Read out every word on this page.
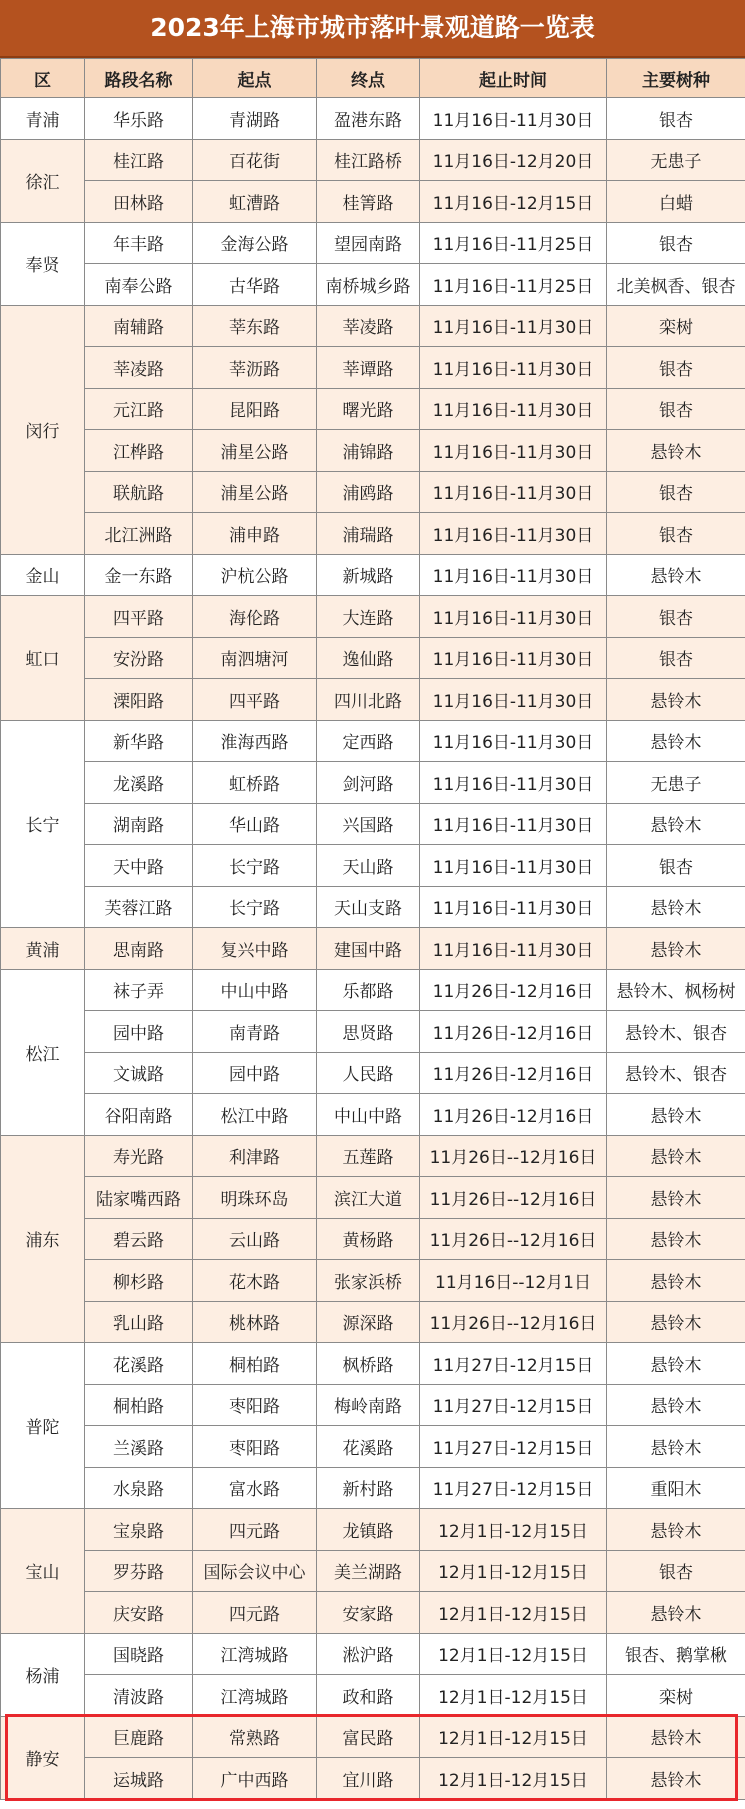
2023年上海市城市落叶景观道路一览表
区	路段名称	起点	终点	起止时间	主要树种
青浦	华乐路	青湖路	盈港东路	11月16日-11月30日	银杏
徐汇	桂江路	百花街	桂江路桥	11月16日-12月20日	无患子
	田林路	虹漕路	桂箐路	11月16日-12月15日	白蜡
奉贤	年丰路	金海公路	望园南路	11月16日-11月25日	银杏
	南奉公路	古华路	南桥城乡路	11月16日-11月25日	北美枫香、银杏
闵行	南辅路	莘东路	莘凌路	11月16日-11月30日	栾树
	莘凌路	莘沥路	莘谭路	11月16日-11月30日	银杏
	元江路	昆阳路	曙光路	11月16日-11月30日	银杏
	江桦路	浦星公路	浦锦路	11月16日-11月30日	悬铃木
	联航路	浦星公路	浦鸥路	11月16日-11月30日	银杏
	北江洲路	浦申路	浦瑞路	11月16日-11月30日	银杏
金山	金一东路	沪杭公路	新城路	11月16日-11月30日	悬铃木
虹口	四平路	海伦路	大连路	11月16日-11月30日	银杏
	安汾路	南泗塘河	逸仙路	11月16日-11月30日	银杏
	溧阳路	四平路	四川北路	11月16日-11月30日	悬铃木
长宁	新华路	淮海西路	定西路	11月16日-11月30日	悬铃木
	龙溪路	虹桥路	剑河路	11月16日-11月30日	无患子
	湖南路	华山路	兴国路	11月16日-11月30日	悬铃木
	天中路	长宁路	天山路	11月16日-11月30日	银杏
	芙蓉江路	长宁路	天山支路	11月16日-11月30日	悬铃木
黄浦	思南路	复兴中路	建国中路	11月16日-11月30日	悬铃木
松江	袜子弄	中山中路	乐都路	11月26日-12月16日	悬铃木、枫杨树
	园中路	南青路	思贤路	11月26日-12月16日	悬铃木、银杏
	文诚路	园中路	人民路	11月26日-12月16日	悬铃木、银杏
	谷阳南路	松江中路	中山中路	11月26日-12月16日	悬铃木
浦东	寿光路	利津路	五莲路	11月26日--12月16日	悬铃木
	陆家嘴西路	明珠环岛	滨江大道	11月26日--12月16日	悬铃木
	碧云路	云山路	黄杨路	11月26日--12月16日	悬铃木
	柳杉路	花木路	张家浜桥	11月16日--12月1日	悬铃木
	乳山路	桃林路	源深路	11月26日--12月16日	悬铃木
普陀	花溪路	桐柏路	枫桥路	11月27日-12月15日	悬铃木
	桐柏路	枣阳路	梅岭南路	11月27日-12月15日	悬铃木
	兰溪路	枣阳路	花溪路	11月27日-12月15日	悬铃木
	水泉路	富水路	新村路	11月27日-12月15日	重阳木
宝山	宝泉路	四元路	龙镇路	12月1日-12月15日	悬铃木
	罗芬路	国际会议中心	美兰湖路	12月1日-12月15日	银杏
	庆安路	四元路	安家路	12月1日-12月15日	悬铃木
杨浦	国晓路	江湾城路	淞沪路	12月1日-12月15日	银杏、鹅掌楸
	清波路	江湾城路	政和路	12月1日-12月15日	栾树
静安	巨鹿路	常熟路	富民路	12月1日-12月15日	悬铃木
	运城路	广中西路	宜川路	12月1日-12月15日	悬铃木
